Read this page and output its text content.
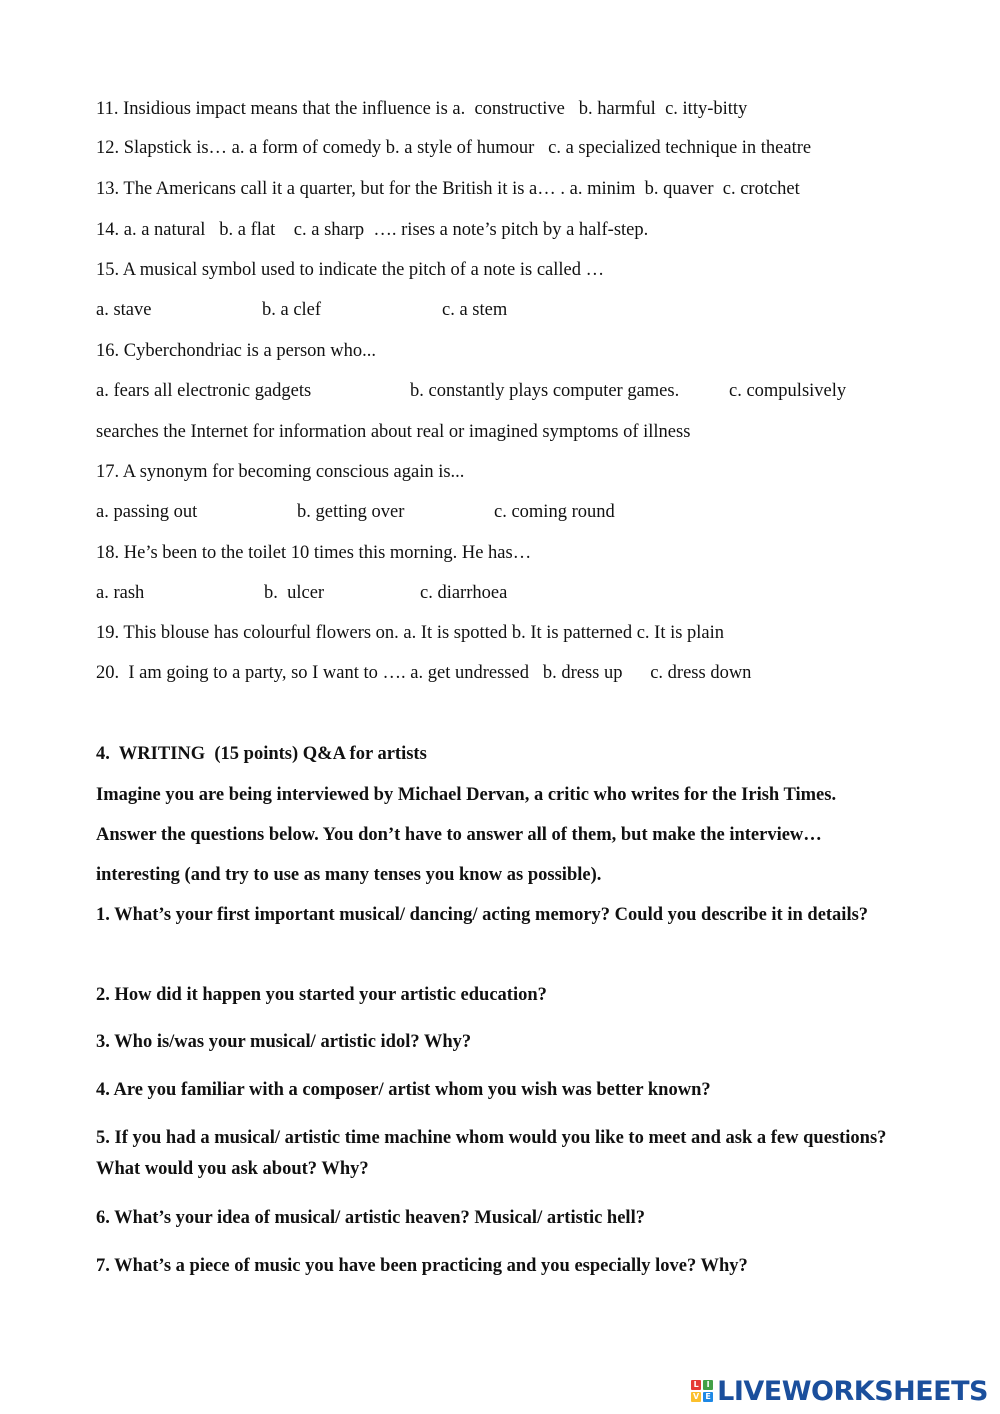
11. Insidious impact means that the influence is a.  constructive   b. harmful  c. itty-bitty
12. Slapstick is… a. a form of comedy b. a style of humour   c. a specialized technique in theatre
13. The Americans call it a quarter, but for the British it is a… . a. minim  b. quaver  c. crotchet
14. a. a natural   b. a flat    c. a sharp  …. rises a note’s pitch by a half-step.
15. A musical symbol used to indicate the pitch of a note is called …
a. stave	b. a clef	c. a stem
16. Cyberchondriac is a person who...
a. fears all electronic gadgets	b. constantly plays computer games.	c. compulsively
searches the Internet for information about real or imagined symptoms of illness
17. A synonym for becoming conscious again is...
a. passing out	b. getting over	c. coming round
18. He’s been to the toilet 10 times this morning. He has…
a. rash	b.  ulcer	c. diarrhoea
19. This blouse has colourful flowers on. a. It is spotted b. It is patterned c. It is plain
20.  I am going to a party, so I want to …. a. get undressed   b. dress up      c. dress down
4.  WRITING  (15 points) Q&A for artists
Imagine you are being interviewed by Michael Dervan, a critic who writes for the Irish Times.
Answer the questions below. You don’t have to answer all of them, but make the interview…
interesting (and try to use as many tenses you know as possible).
1. What’s your first important musical/ dancing/ acting memory? Could you describe it in details?
2. How did it happen you started your artistic education?
3. Who is/was your musical/ artistic idol? Why?
4. Are you familiar with a composer/ artist whom you wish was better known?
5. If you had a musical/ artistic time machine whom would you like to meet and ask a few questions? What would you ask about? Why?
6. What’s your idea of musical/ artistic heaven? Musical/ artistic hell?
7. What’s a piece of music you have been practicing and you especially love? Why?
L I
V E LIVEWORKSHEETS
